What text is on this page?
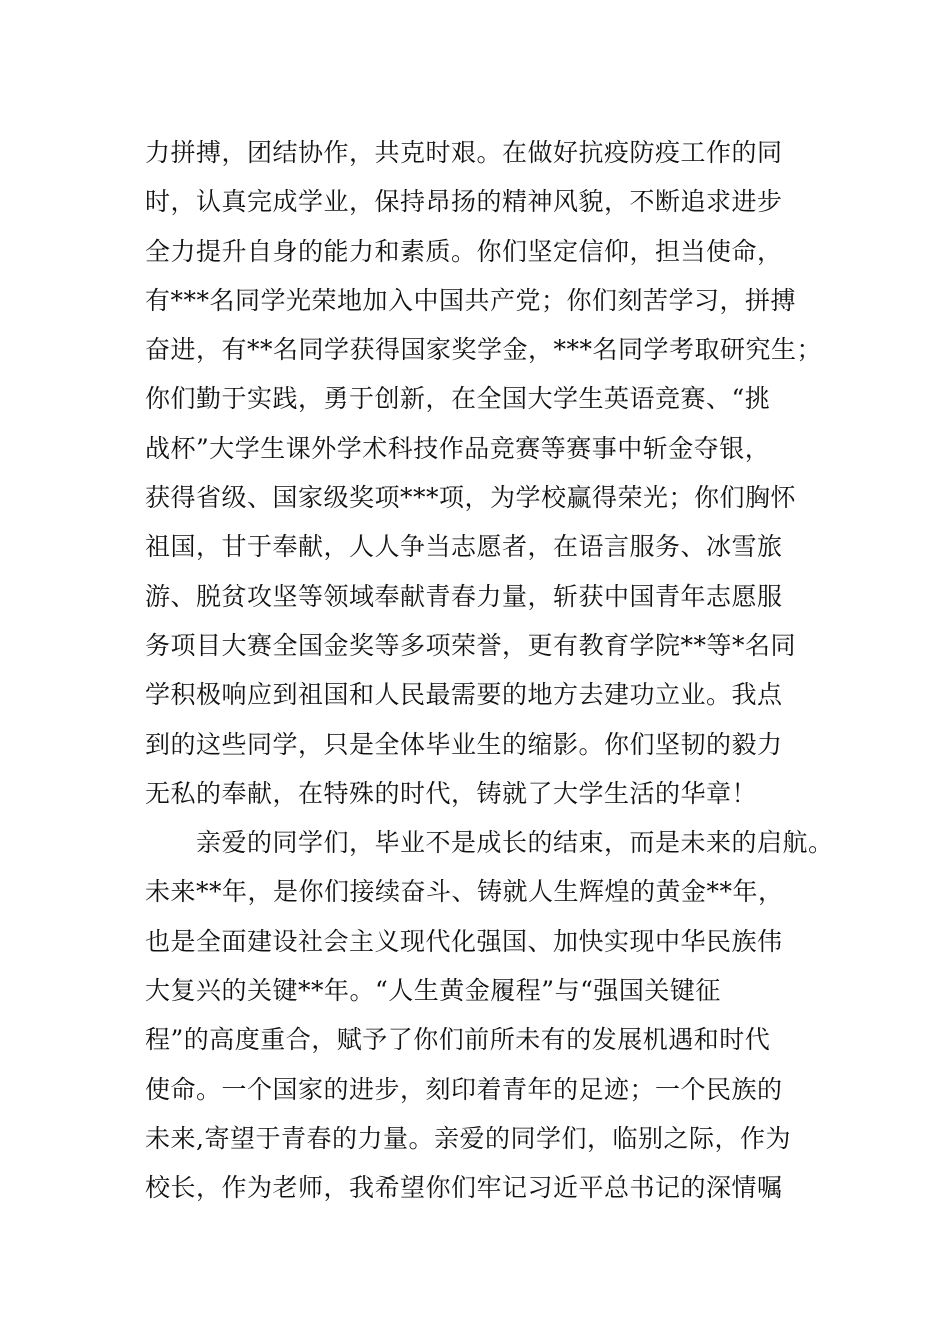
力拼搏，团结协作，共克时艰。在做好抗疫防疫工作的同
时，认真完成学业，保持昂扬的精神风貌，不断追求进步
全力提升自身的能力和素质。你们坚定信仰，担当使命，
有***名同学光荣地加入中国共产党；你们刻苦学习，拼搏
奋进，有**名同学获得国家奖学金，***名同学考取研究生；
你们勤于实践，勇于创新，在全国大学生英语竞赛、“挑
战杯”大学生课外学术科技作品竞赛等赛事中斩金夺银，
获得省级、国家级奖项***项，为学校赢得荣光；你们胸怀
祖国，甘于奉献，人人争当志愿者，在语言服务、冰雪旅
游、脱贫攻坚等领域奉献青春力量，斩获中国青年志愿服
务项目大赛全国金奖等多项荣誉，更有教育学院**等*名同
学积极响应到祖国和人民最需要的地方去建功立业。我点
到的这些同学，只是全体毕业生的缩影。你们坚韧的毅力
无私的奉献，在特殊的时代，铸就了大学生活的华章！
　　亲爱的同学们，毕业不是成长的结束，而是未来的启航。
未来**年，是你们接续奋斗、铸就人生辉煌的黄金**年，
也是全面建设社会主义现代化强国、加快实现中华民族伟
大复兴的关键**年。“人生黄金履程”与“强国关键征
程”的高度重合，赋予了你们前所未有的发展机遇和时代
使命。一个国家的进步，刻印着青年的足迹；一个民族的
未来,寄望于青春的力量。亲爱的同学们，临别之际，作为
校长，作为老师，我希望你们牢记习近平总书记的深情嘱
